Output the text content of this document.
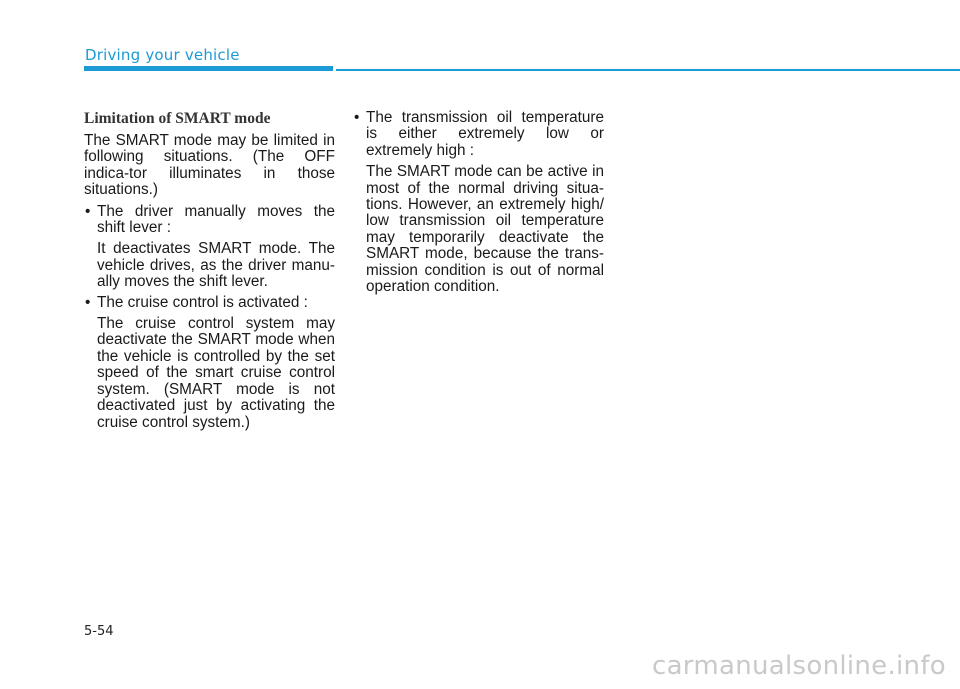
Driving your vehicle
Limitation of SMART mode

The SMART mode may be limited in following situations. (The OFF indica-tor illuminates in those situations.)

• The driver manually moves the shift lever :

It deactivates SMART mode. The vehicle drives, as the driver manu-ally moves the shift lever.

• The cruise control is activated :

The cruise control system may deactivate the SMART mode when the vehicle is controlled by the set speed of the smart cruise control system. (SMART mode is not deactivated just by activating the cruise control system.)

• The transmission oil temperature is either extremely low or extremely high :

The SMART mode can be active in most of the normal driving situa-tions. However, an extremely high/ low transmission oil temperature may temporarily deactivate the SMART mode, because the trans-mission condition is out of normal operation condition.

5-54
carmanualsonline.info
